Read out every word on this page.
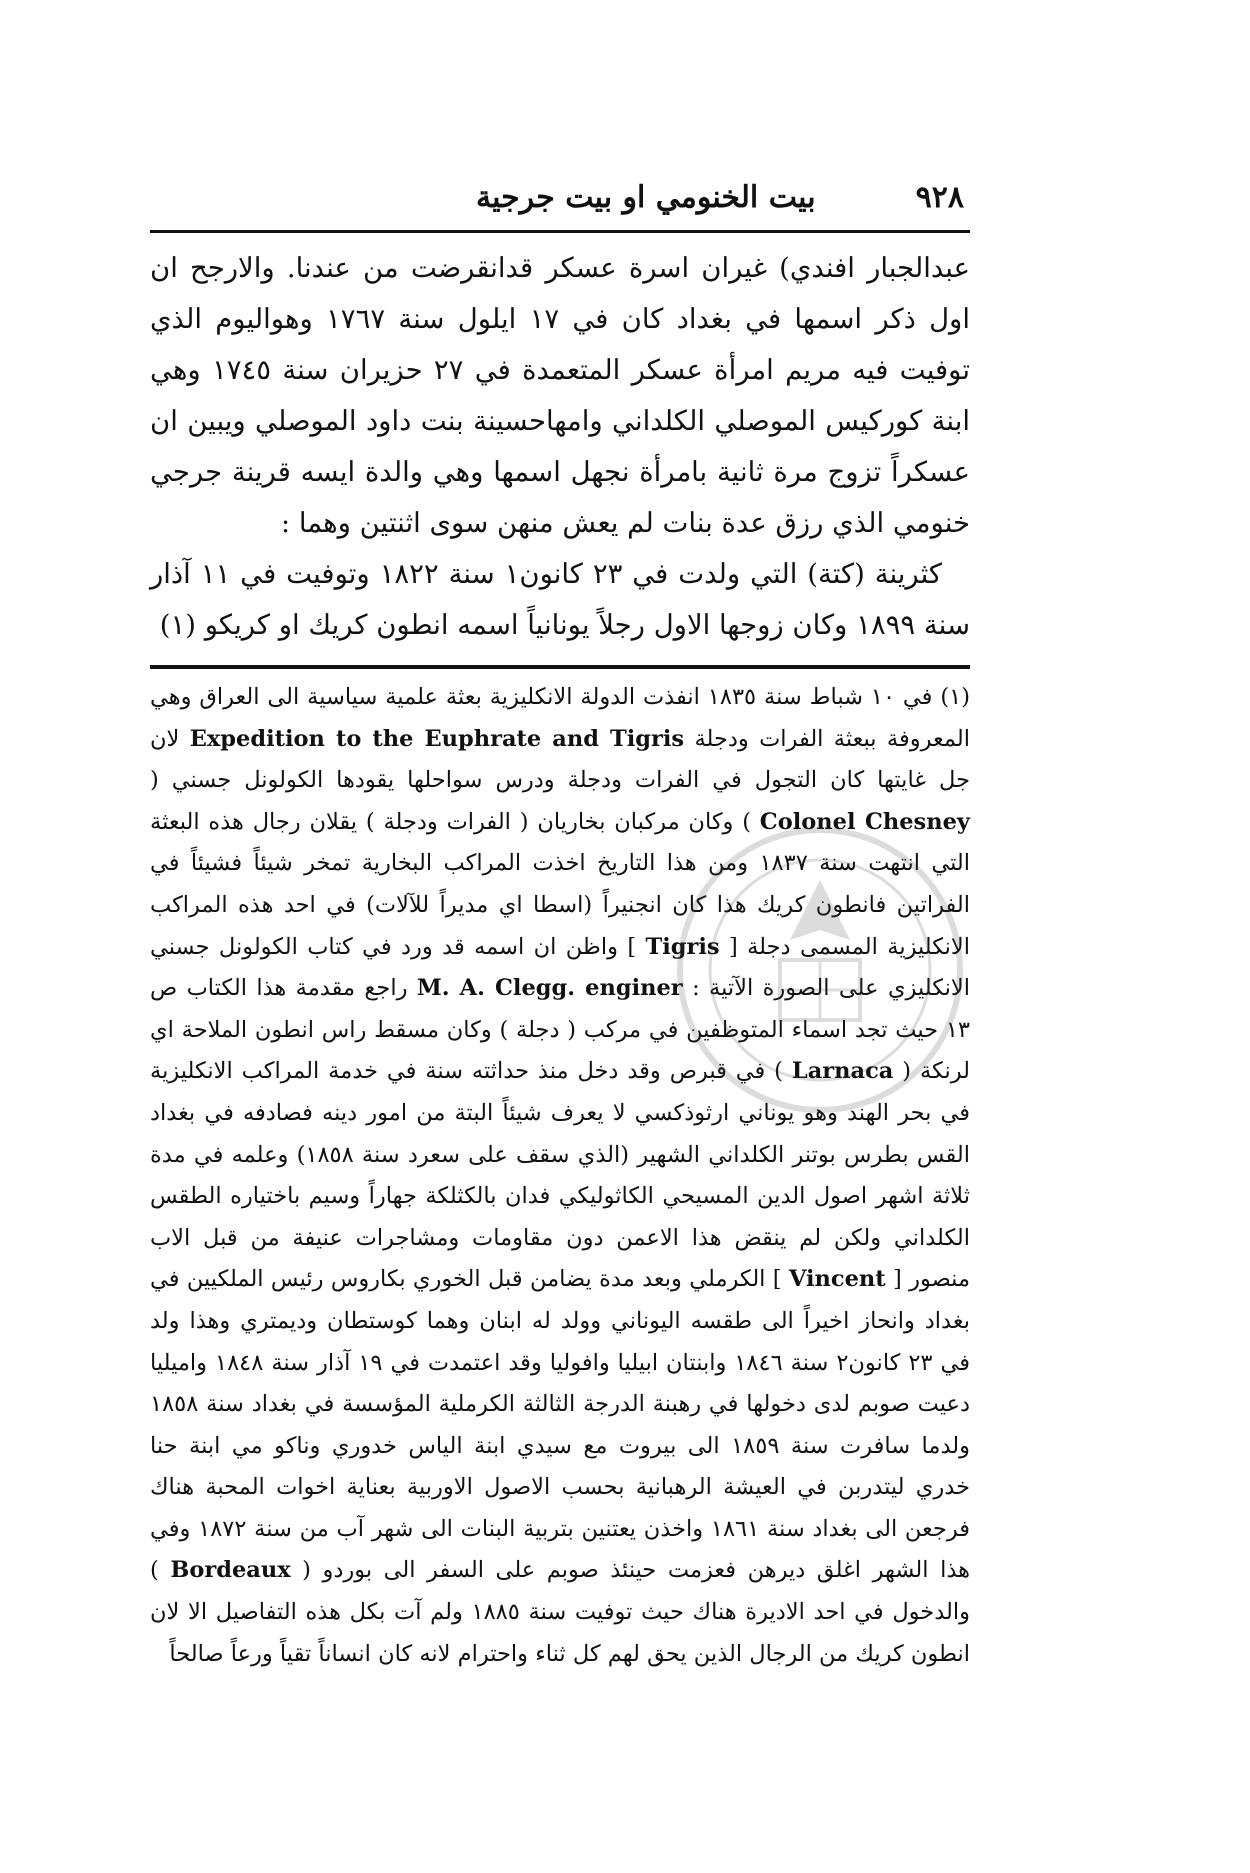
٩٢٨
بيت الخنومي او بيت جرجية

عبدالجبار افندي) غيران اسرة عسكر قدانقرضت من عندنا. والارجح ان اول ذكر اسمها في بغداد كان في ١٧ ايلول سنة ١٧٦٧ وهواليوم الذي توفيت فيه مريم امرأة عسكر المتعمدة في ٢٧ حزيران سنة ١٧٤٥ وهي ابنة كوركيس الموصلي الكلداني وامهاحسينة بنت داود الموصلي ويبين ان عسكراً تزوج مرة ثانية بامرأة نجهل اسمها وهي والدة ايسه قرينة جرجي خنومي الذي رزق عدة بنات لم يعش منهن سوى اثنتين وهما :

كثرينة (كتة) التي ولدت في ٢٣ كانون١ سنة ١٨٢٢ وتوفيت في ١١ آذار سنة ١٨٩٩ وكان زوجها الاول رجلاً يونانياً اسمه انطون كريك او كريكو (١)

(١) في ١٠ شباط سنة ١٨٣٥ انفذت الدولة الانكليزية بعثة علمية سياسية الى العراق وهي المعروفة ببعثة الفرات ودجلة Expedition to the Euphrate and Tigris لان جل غايتها كان التجول في الفرات ودجلة ودرس سواحلها يقودها الكولونل جسني ( Colonel Chesney ) وكان مركبان بخاريان ( الفرات ودجلة ) يقلان رجال هذه البعثة التي انتهت سنة ١٨٣٧ ومن هذا التاريخ اخذت المراكب البخارية تمخر شيئاً فشيئاً في الفراتين فانطون كريك هذا كان انجنيراً (اسطا اي مديراً للآلات) في احد هذه المراكب الانكليزية المسمى دجلة [ Tigris ] واظن ان اسمه قد ورد في كتاب الكولونل جسني الانكليزي على الصورة الآتية : M. A. Clegg. enginer راجع مقدمة هذا الكتاب ص ١٣ حيث تجد اسماء المتوظفين في مركب ( دجلة ) وكان مسقط راس انطون الملاحة اي لرنكة ( Larnaca ) في قبرص وقد دخل منذ حداثته سنة في خدمة المراكب الانكليزية في بحر الهند وهو يوناني ارثوذكسي لا يعرف شيئاً البتة من امور دينه فصادفه في بغداد القس بطرس بوتنر الكلداني الشهير (الذي سقف على سعرد سنة ١٨٥٨) وعلمه في مدة ثلاثة اشهر اصول الدين المسيحي الكاثوليكي فدان بالكثلكة جهاراً وسيم باختياره الطقس الكلداني ولكن لم ينقض هذا الاعمن دون مقاومات ومشاجرات عنيفة من قبل الاب منصور [ Vincent ] الكرملي وبعد مدة يضامن قبل الخوري بكاروس رئيس الملكيين في بغداد وانحاز اخيراً الى طقسه اليوناني وولد له ابنان وهما كوستطان وديمتري وهذا ولد في ٢٣ كانون٢ سنة ١٨٤٦ وابنتان ابيليا وافوليا وقد اعتمدت في ١٩ آذار سنة ١٨٤٨ واميليا دعيت صوبم لدى دخولها في رهبنة الدرجة الثالثة الكرملية المؤسسة في بغداد سنة ١٨٥٨ ولدما سافرت سنة ١٨٥٩ الى بيروت مع سيدي ابنة الياس خدوري وناكو مي ابنة حنا خدري ليتدربن في العيشة الرهبانية بحسب الاصول الاوربية بعناية اخوات المحبة هناك فرجعن الى بغداد سنة ١٨٦١ واخذن يعتنين بتربية البنات الى شهر آب من سنة ١٨٧٢ وفي هذا الشهر اغلق ديرهن فعزمت حينئذ صوبم على السفر الى بوردو ( Bordeaux ) والدخول في احد الاديرة هناك حيث توفيت سنة ١٨٨٥ ولم آت بكل هذه التفاصيل الا لان انطون كريك من الرجال الذين يحق لهم كل ثناء واحترام لانه كان انساناً تقياً ورعاً صالحاً
